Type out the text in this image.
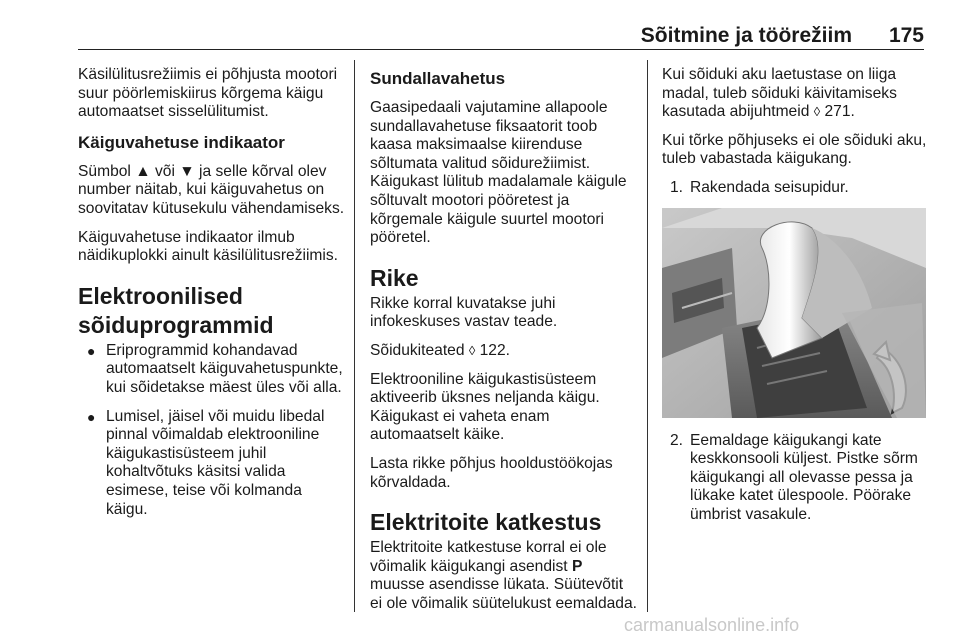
Sõitmine ja töörežiim 175

Käsilülitusrežiimis ei põhjusta mootori suur pöörlemiskiirus kõrgema käigu automaatset sisselülitumist.

Käiguvahetuse indikaator

Sümbol ▲ või ▼ ja selle kõrval olev number näitab, kui käiguvahetus on soovitatav kütusekulu vähendamiseks.

Käiguvahetuse indikaator ilmub näidikuplokki ainult käsilülitusrežiimis.

Elektroonilised sõiduprogrammid
● Eriprogrammid kohandavad automaatselt käiguvahetuspunkte, kui sõidetakse mäest üles või alla.
● Lumisel, jäisel või muidu libedal pinnal võimaldab elektrooniline käigukastisüsteem juhil kohaltvõtuks käsitsi valida esimese, teise või kolmanda käigu.
Sundallavahetus

Gaasipedaali vajutamine allapoole sundallavahetuse fiksaatorit toob kaasa maksimaalse kiirenduse sõltumata valitud sõidurežiimist. Käigukast lülitub madalamale käigule sõltuvalt mootori pööretest ja kõrgemale käigule suurtel mootori pööretel.

Rike

Rikke korral kuvatakse juhi infokeskuses vastav teade.

Sõidukiteated ◊ 122.

Elektrooniline käigukastisüsteem aktiveerib üksnes neljanda käigu. Käigukast ei vaheta enam automaatselt käike.

Lasta rikke põhjus hooldustöökojas kõrvaldada.

Elektritoite katkestus

Elektritoite katkestuse korral ei ole võimalik käigukangi asendist P muusse asendisse lükata. Süütevõtit ei ole võimalik süütelukust eemaldada.

Kui sõiduki aku laetustase on liiga madal, tuleb sõiduki käivitamiseks kasutada abijuhtmeid ◊ 271.

Kui tõrke põhjuseks ei ole sõiduki aku, tuleb vabastada käigukang.

1. Rakendada seisupidur.
2. Eemaldage käigukangi kate keskkonsooli küljest. Pistke sõrm käigukangi all olevasse pessa ja lükake katet ülespoole. Pöörake ümbrist vasakule.
carmanualsonline.info
